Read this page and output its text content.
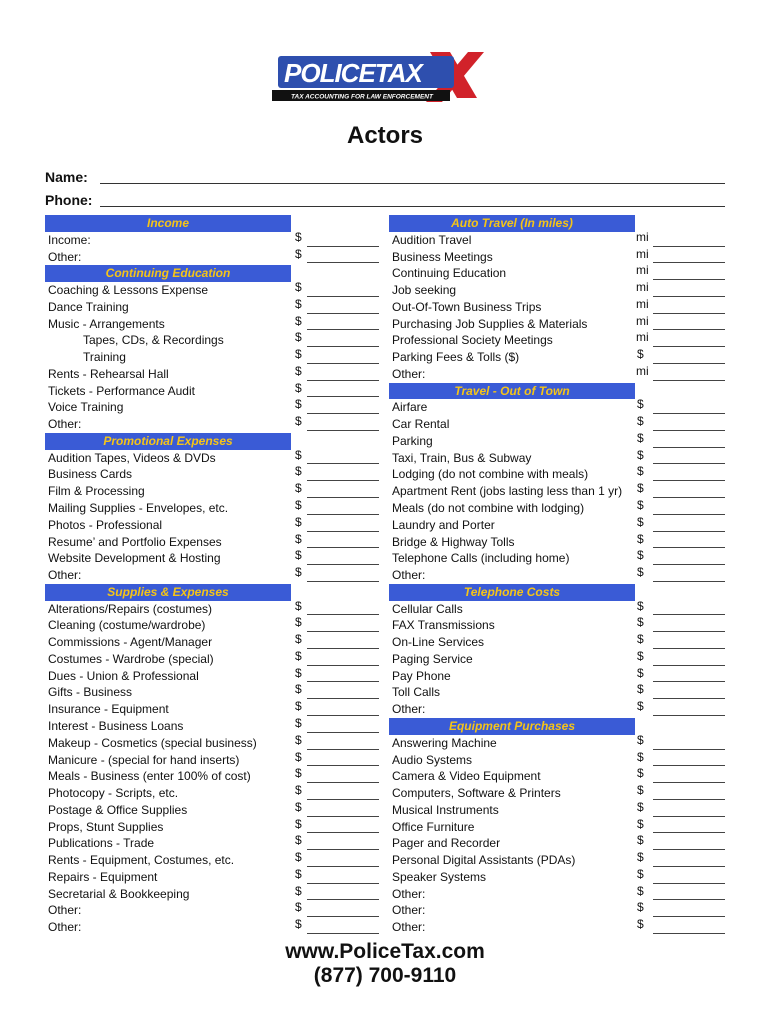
POLICETAX
TAX ACCOUNTING FOR LAW ENFORCEMENT
Actors
Name:
Phone:
Income
Income:	$
Other:	$
Continuing Education
Coaching & Lessons Expense	$
Dance Training	$
Music - Arrangements	$
Tapes, CDs, & Recordings	$
Training	$
Rents - Rehearsal Hall	$
Tickets - Performance Audit	$
Voice Training	$
Other:	$
Promotional Expenses
Audition Tapes, Videos & DVDs	$
Business Cards	$
Film & Processing	$
Mailing Supplies - Envelopes, etc.	$
Photos - Professional	$
Resume’ and Portfolio Expenses	$
Website Development & Hosting	$
Other:	$
Supplies & Expenses
Alterations/Repairs (costumes)	$
Cleaning (costume/wardrobe)	$
Commissions - Agent/Manager	$
Costumes - Wardrobe (special)	$
Dues - Union & Professional	$
Gifts - Business	$
Insurance - Equipment	$
Interest - Business Loans	$
Makeup - Cosmetics (special business)	$
Manicure - (special for hand inserts)	$
Meals - Business (enter 100% of cost)	$
Photocopy - Scripts, etc.	$
Postage & Office Supplies	$
Props, Stunt Supplies	$
Publications - Trade	$
Rents - Equipment, Costumes, etc.	$
Repairs - Equipment	$
Secretarial & Bookkeeping	$
Other:	$
Other:	$
Auto Travel (In miles)
Audition Travel	mi
Business Meetings	mi
Continuing Education	mi
Job seeking	mi
Out-Of-Town Business Trips	mi
Purchasing Job Supplies & Materials	mi
Professional Society Meetings	mi
Parking Fees & Tolls ($)	$
Other:	mi
Travel - Out of Town
Airfare	$
Car Rental	$
Parking	$
Taxi, Train, Bus & Subway	$
Lodging (do not combine with meals)	$
Apartment Rent (jobs lasting less than 1 yr) $
Meals (do not combine with lodging)	$
Laundry and Porter	$
Bridge & Highway Tolls	$
Telephone Calls (including home)	$
Other:	$
Telephone Costs
Cellular Calls	$
FAX Transmissions	$
On-Line Services	$
Paging Service	$
Pay Phone	$
Toll Calls	$
Other:	$
Equipment Purchases
Answering Machine	$
Audio Systems	$
Camera & Video Equipment	$
Computers, Software & Printers	$
Musical Instruments	$
Office Furniture	$
Pager and Recorder	$
Personal Digital Assistants (PDAs)	$
Speaker Systems	$
Other:	$
Other:	$
Other:	$
www.PoliceTax.com
(877) 700-9110
